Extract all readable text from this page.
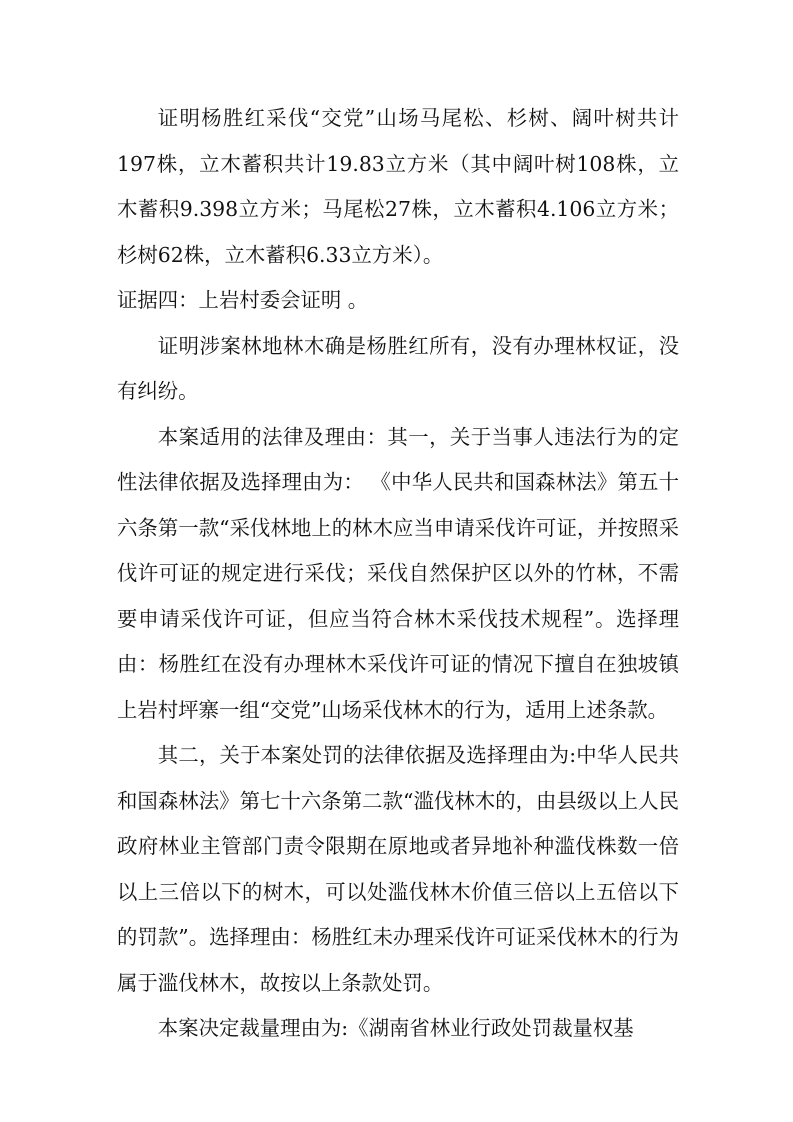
证明杨胜红采伐“交党”山场马尾松、杉树、阔叶树共计197株，立木蓄积共计19.83立方米（其中阔叶树108株，立木蓄积9.398立方米；马尾松27株，立木蓄积4.106立方米；杉树62株，立木蓄积6.33立方米）。

证据四：上岩村委会证明 。

证明涉案林地林木确是杨胜红所有，没有办理林权证，没有纠纷。

本案适用的法律及理由：其一，关于当事人违法行为的定性法律依据及选择理由为： 《中华人民共和国森林法》第五十六条第一款“采伐林地上的林木应当申请采伐许可证，并按照采伐许可证的规定进行采伐；采伐自然保护区以外的竹林，不需要申请采伐许可证，但应当符合林木采伐技术规程”。选择理由：杨胜红在没有办理林木采伐许可证的情况下擅自在独坡镇上岩村坪寨一组“交党”山场采伐林木的行为，适用上述条款。

其二，关于本案处罚的法律依据及选择理由为:中华人民共和国森林法》第七十六条第二款“滥伐林木的，由县级以上人民政府林业主管部门责令限期在原地或者异地补种滥伐株数一倍以上三倍以下的树木，可以处滥伐林木价值三倍以上五倍以下的罚款”。选择理由：杨胜红未办理采伐许可证采伐林木的行为属于滥伐林木，故按以上条款处罚。

本案决定裁量理由为:《湖南省林业行政处罚裁量权基
